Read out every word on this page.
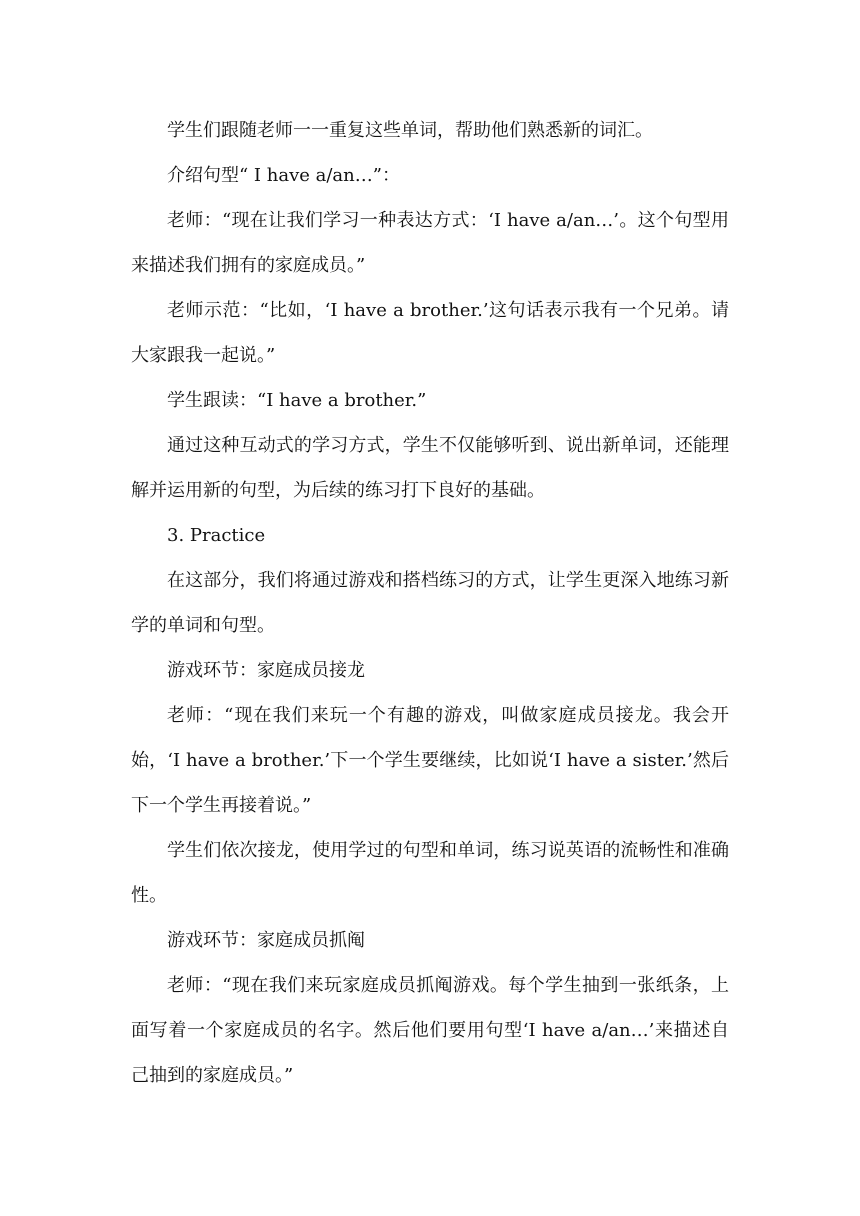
学生们跟随老师一一重复这些单词，帮助他们熟悉新的词汇。

介绍句型“ I have a/an…”：

老师：“现在让我们学习一种表达方式：‘I have a/an…’。这个句型用来描述我们拥有的家庭成员。”

老师示范：“比如，‘I have a brother.’这句话表示我有一个兄弟。请大家跟我一起说。”

学生跟读：“I have a brother.”

通过这种互动式的学习方式，学生不仅能够听到、说出新单词，还能理解并运用新的句型，为后续的练习打下良好的基础。

3. Practice

在这部分，我们将通过游戏和搭档练习的方式，让学生更深入地练习新学的单词和句型。

游戏环节：家庭成员接龙

老师：“现在我们来玩一个有趣的游戏，叫做家庭成员接龙。我会开始，‘I have a brother.’下一个学生要继续，比如说‘I have a sister.’然后下一个学生再接着说。”

学生们依次接龙，使用学过的句型和单词，练习说英语的流畅性和准确性。

游戏环节：家庭成员抓阄

老师：“现在我们来玩家庭成员抓阄游戏。每个学生抽到一张纸条，上面写着一个家庭成员的名字。然后他们要用句型‘I have a/an…’来描述自己抽到的家庭成员。”
